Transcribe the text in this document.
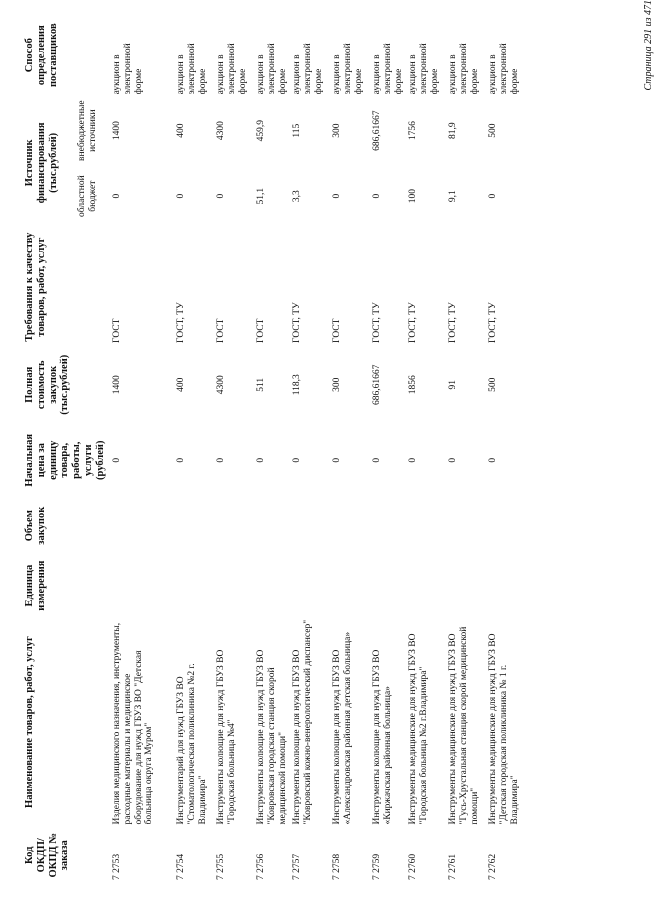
Код ОКДП/ ОКПД № заказа	Наименование товаров, работ, услуг	Единица измерения	Объем закупок	Начальная цена за единицу товара, работы, услуги (рублей)	Полная стоимость закупок (тыс.рублей)	Требования к качеству товаров, работ, услуг	Источник финансирования (тыс.рублей)		Способ определения поставщиков
							областной бюджет	внебюджетные источники	
7 2753	Изделия медицинского назначения, инструменты, расходные материалы и медицинское оборудование для нужд ГБУЗ ВО "Детская больница округа Муром"			0	1400	ГОСТ	0	1400	аукцион в электронной форме
7 2754	Инструментарий для нужд ГБУЗ ВО "Стоматологическая поликлиника №2 г. Владимира"			0	400	ГОСТ, ТУ	0	400	аукцион в электронной форме
7 2755	Инструменты колющие для нужд ГБУЗ ВО "Городская больница №4"			0	4300	ГОСТ	0	4300	аукцион в электронной форме
7 2756	Инструменты колющие для нужд ГБУЗ ВО "Ковровская городская станция скорой медицинской помощи"			0	511	ГОСТ	51,1	459,9	аукцион в электронной форме
7 2757	Инструменты колющие для нужд ГБУЗ ВО "Ковровский кожно-венерологический диспансер"			0	118,3	ГОСТ, ТУ	3,3	115	аукцион в электронной форме
7 2758	Инструменты колющие для нужд ГБУЗ ВО «Александровская районная детская больница»			0	300	ГОСТ	0	300	аукцион в электронной форме
7 2759	Инструменты колющие для нужд ГБУЗ ВО «Киржачская районная больница»			0	686,61667	ГОСТ, ТУ	0	686,61667	аукцион в электронной форме
7 2760	Инструменты медицинские для нужд ГБУЗ ВО "Городская больница №2 г.Владимира"			0	1856	ГОСТ, ТУ	100	1756	аукцион в электронной форме
7 2761	Инструменты медицинские для нужд ГБУЗ ВО "Гусь-Хрустальная станция скорой медицинской помощи"			0	91	ГОСТ, ТУ	9,1	81,9	аукцион в электронной форме
7 2762	Инструменты медицинские для нужд ГБУЗ ВО "Детская городская поликлиника № 1 г. Владимира"			0	500	ГОСТ, ТУ	0	500	аукцион в электронной форме	Страница 291 из 471
